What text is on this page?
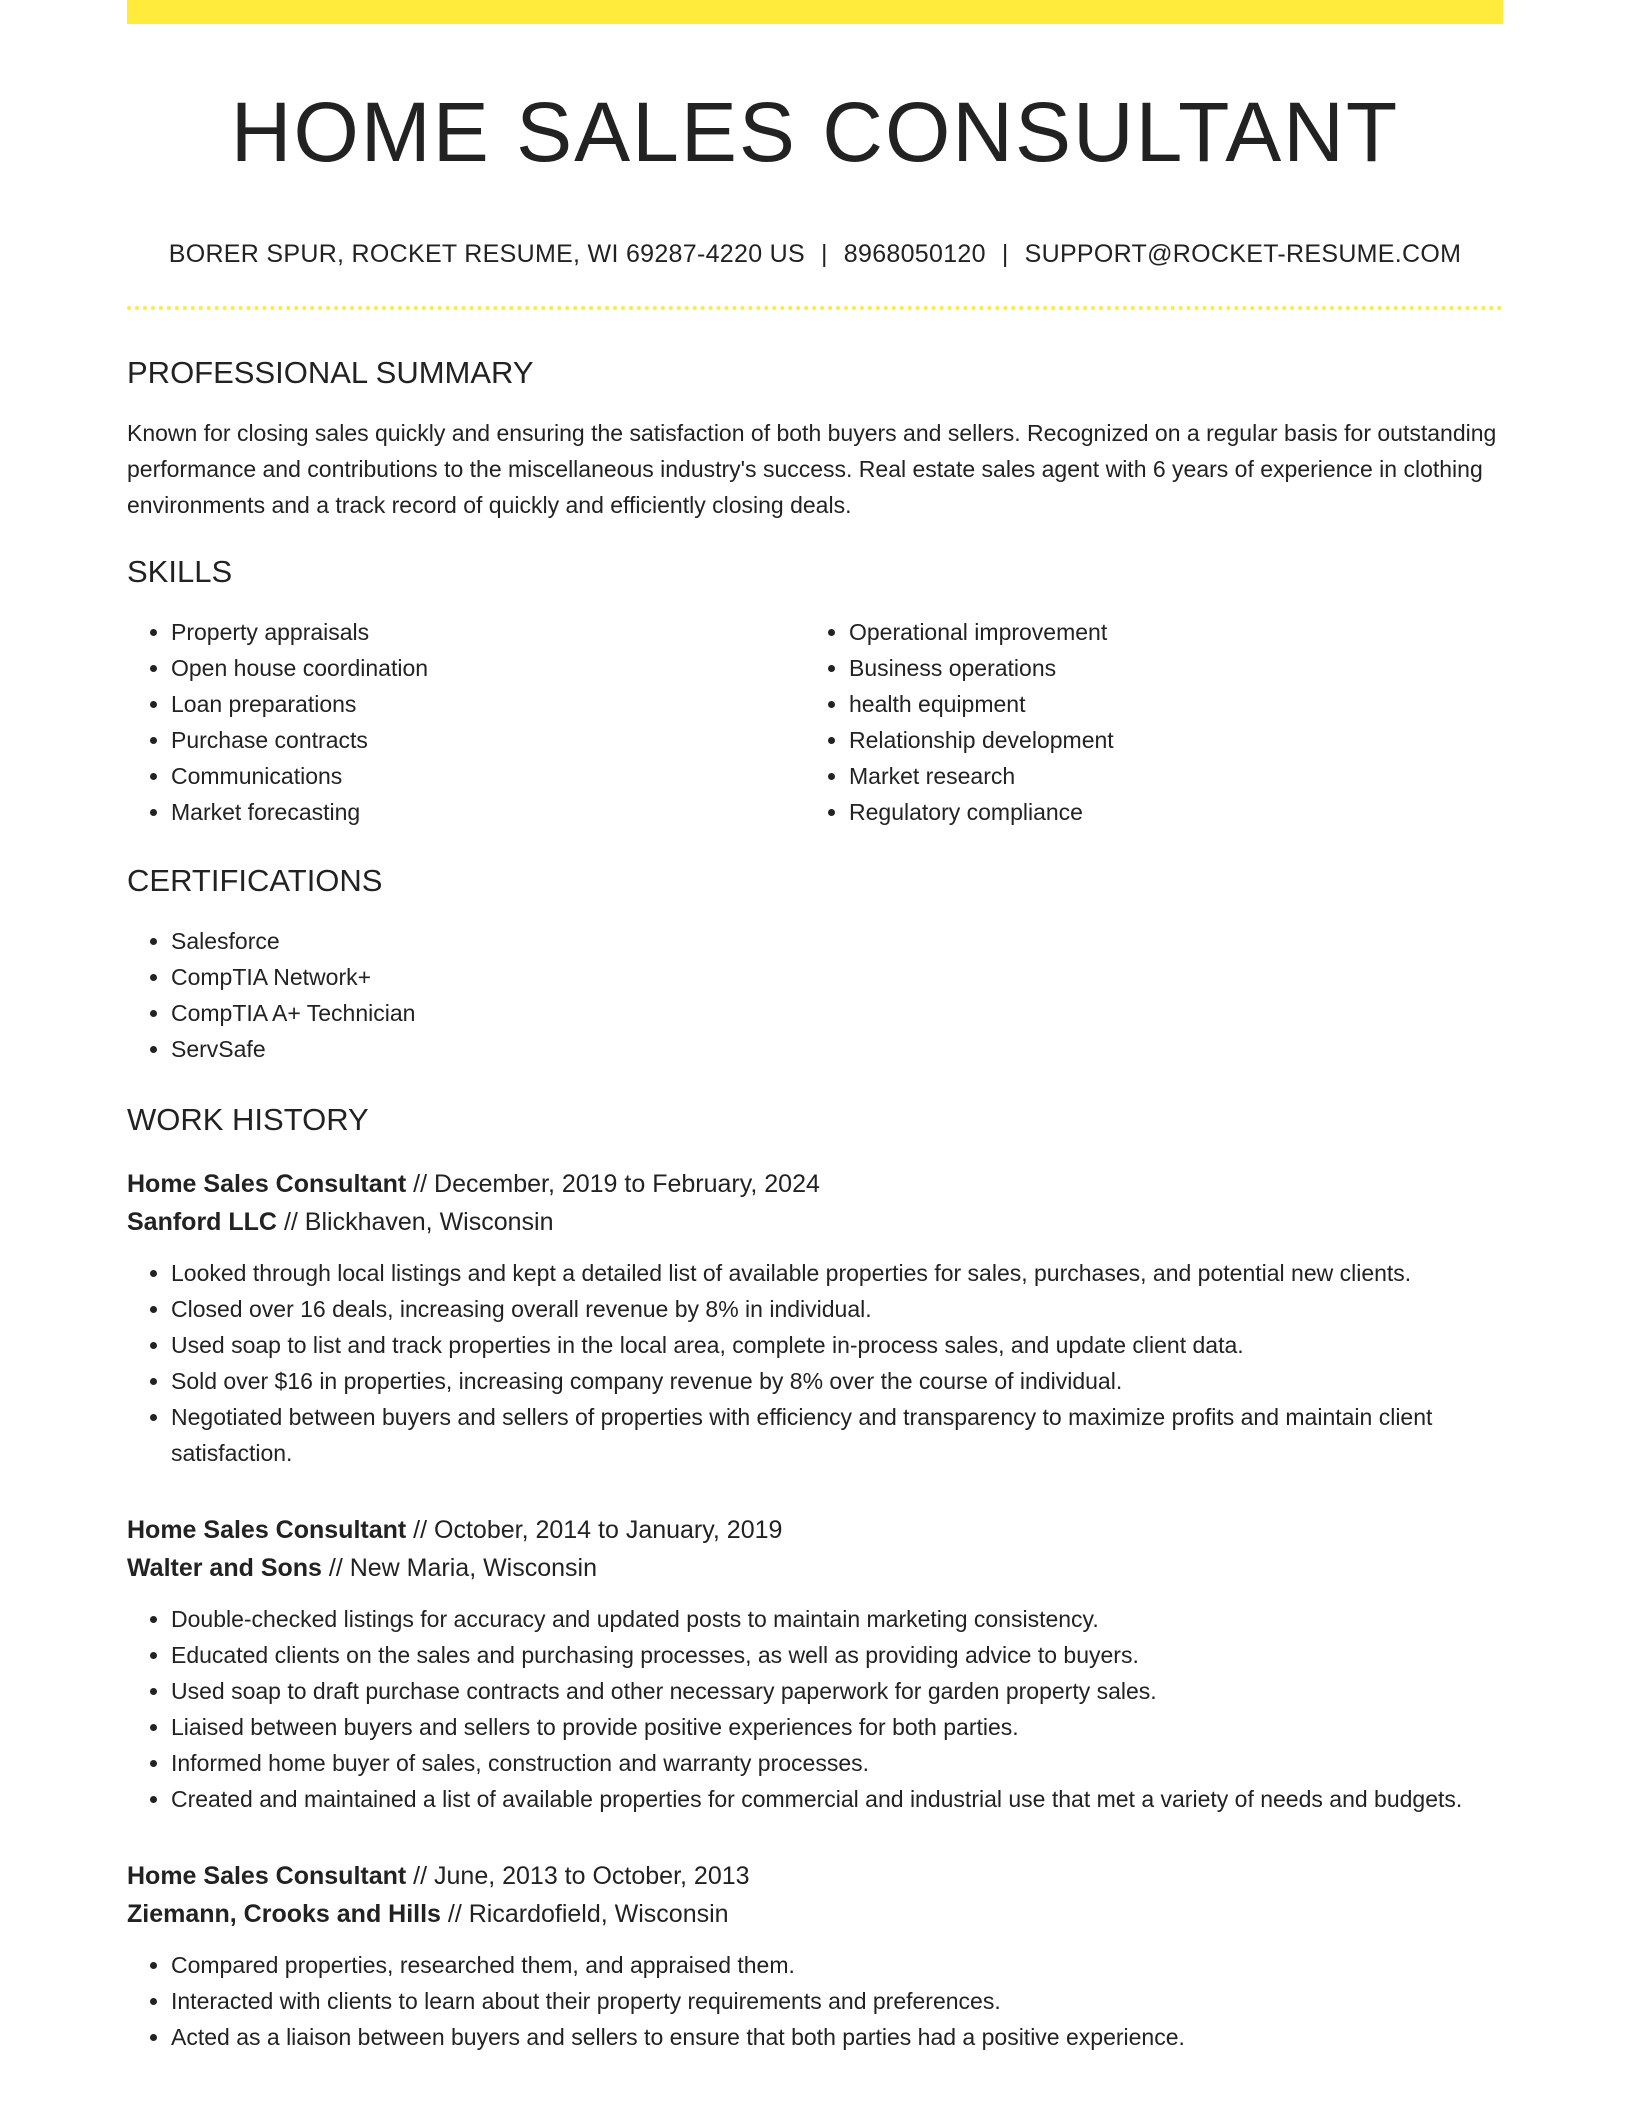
HOME SALES CONSULTANT
BORER SPUR, ROCKET RESUME, WI 69287-4220 US | 8968050120 | SUPPORT@ROCKET-RESUME.COM
PROFESSIONAL SUMMARY

Known for closing sales quickly and ensuring the satisfaction of both buyers and sellers. Recognized on a regular basis for outstanding performance and contributions to the miscellaneous industry's success. Real estate sales agent with 6 years of experience in clothing environments and a track record of quickly and efficiently closing deals.

SKILLS
• Property appraisals
• Open house coordination
• Loan preparations
• Purchase contracts
• Communications
• Market forecasting
• Operational improvement
• Business operations
• health equipment
• Relationship development
• Market research
• Regulatory compliance
CERTIFICATIONS
• Salesforce
• CompTIA Network+
• CompTIA A+ Technician
• ServSafe
WORK HISTORY
Home Sales Consultant // December, 2019 to February, 2024
Sanford LLC // Blickhaven, Wisconsin
• Looked through local listings and kept a detailed list of available properties for sales, purchases, and potential new clients.
• Closed over 16 deals, increasing overall revenue by 8% in individual.
• Used soap to list and track properties in the local area, complete in-process sales, and update client data.
• Sold over $16 in properties, increasing company revenue by 8% over the course of individual.
• Negotiated between buyers and sellers of properties with efficiency and transparency to maximize profits and maintain client satisfaction.
Home Sales Consultant // October, 2014 to January, 2019
Walter and Sons // New Maria, Wisconsin
• Double-checked listings for accuracy and updated posts to maintain marketing consistency.
• Educated clients on the sales and purchasing processes, as well as providing advice to buyers.
• Used soap to draft purchase contracts and other necessary paperwork for garden property sales.
• Liaised between buyers and sellers to provide positive experiences for both parties.
• Informed home buyer of sales, construction and warranty processes.
• Created and maintained a list of available properties for commercial and industrial use that met a variety of needs and budgets.
Home Sales Consultant // June, 2013 to October, 2013
Ziemann, Crooks and Hills // Ricardofield, Wisconsin
• Compared properties, researched them, and appraised them.
• Interacted with clients to learn about their property requirements and preferences.
• Acted as a liaison between buyers and sellers to ensure that both parties had a positive experience.
